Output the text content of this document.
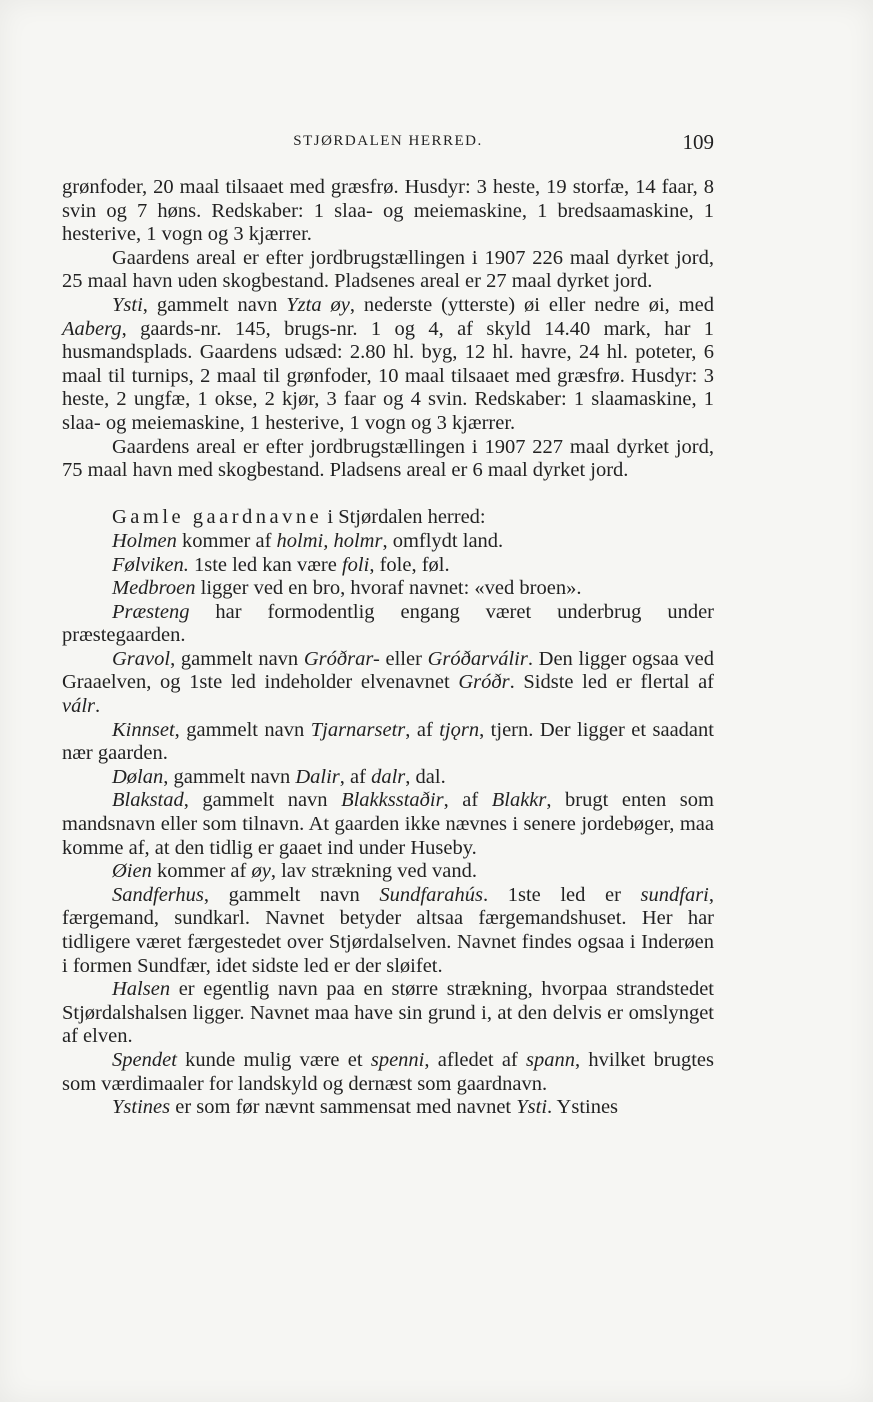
STJØRDALEN HERRED.	109

grønfoder, 20 maal tilsaaet med græsfrø. Husdyr: 3 heste, 19 storfæ, 14 faar, 8 svin og 7 høns. Redskaber: 1 slaa- og meiemaskine, 1 bredsaamaskine, 1 hesterive, 1 vogn og 3 kjærrer.

Gaardens areal er efter jordbrugstællingen i 1907 226 maal dyrket jord, 25 maal havn uden skogbestand. Pladsenes areal er 27 maal dyrket jord.

Ysti, gammelt navn Yzta øy, nederste (ytterste) øi eller nedre øi, med Aaberg, gaards-nr. 145, brugs-nr. 1 og 4, af skyld 14.40 mark, har 1 husmandsplads. Gaardens udsæd: 2.80 hl. byg, 12 hl. havre, 24 hl. poteter, 6 maal til turnips, 2 maal til grønfoder, 10 maal tilsaaet med græsfrø. Husdyr: 3 heste, 2 ungfæ, 1 okse, 2 kjør, 3 faar og 4 svin. Redskaber: 1 slaamaskine, 1 slaa- og meiemaskine, 1 hesterive, 1 vogn og 3 kjærrer.

Gaardens areal er efter jordbrugstællingen i 1907 227 maal dyrket jord, 75 maal havn med skogbestand. Pladsens areal er 6 maal dyrket jord.

Gamle gaardnavne i Stjørdalen herred:

Holmen kommer af holmi, holmr, omflydt land.

Følviken. 1ste led kan være foli, fole, føl.

Medbroen ligger ved en bro, hvoraf navnet: «ved broen».

Præsteng har formodentlig engang været underbrug under præstegaarden.

Gravol, gammelt navn Gróðrar- eller Gróðarválir. Den ligger ogsaa ved Graaelven, og 1ste led indeholder elvenavnet Gróðr. Sidste led er flertal af válr.

Kinnset, gammelt navn Tjarnarsetr, af tjǫrn, tjern. Der ligger et saadant nær gaarden.

Dølan, gammelt navn Dalir, af dalr, dal.

Blakstad, gammelt navn Blakksstaðir, af Blakkr, brugt enten som mandsnavn eller som tilnavn. At gaarden ikke nævnes i senere jordebøger, maa komme af, at den tidlig er gaaet ind under Huseby.

Øien kommer af øy, lav strækning ved vand.

Sandferhus, gammelt navn Sundfarahús. 1ste led er sundfari, færgemand, sundkarl. Navnet betyder altsaa færgemandshuset. Her har tidligere været færgestedet over Stjørdalselven. Navnet findes ogsaa i Inderøen i formen Sundfær, idet sidste led er der sløifet.

Halsen er egentlig navn paa en større strækning, hvorpaa strandstedet Stjørdalshalsen ligger. Navnet maa have sin grund i, at den delvis er omslynget af elven.

Spendet kunde mulig være et spenni, afledet af spann, hvilket brugtes som værdimaaler for landskyld og dernæst som gaardnavn.

Ystines er som før nævnt sammensat med navnet Ysti. Ystines
